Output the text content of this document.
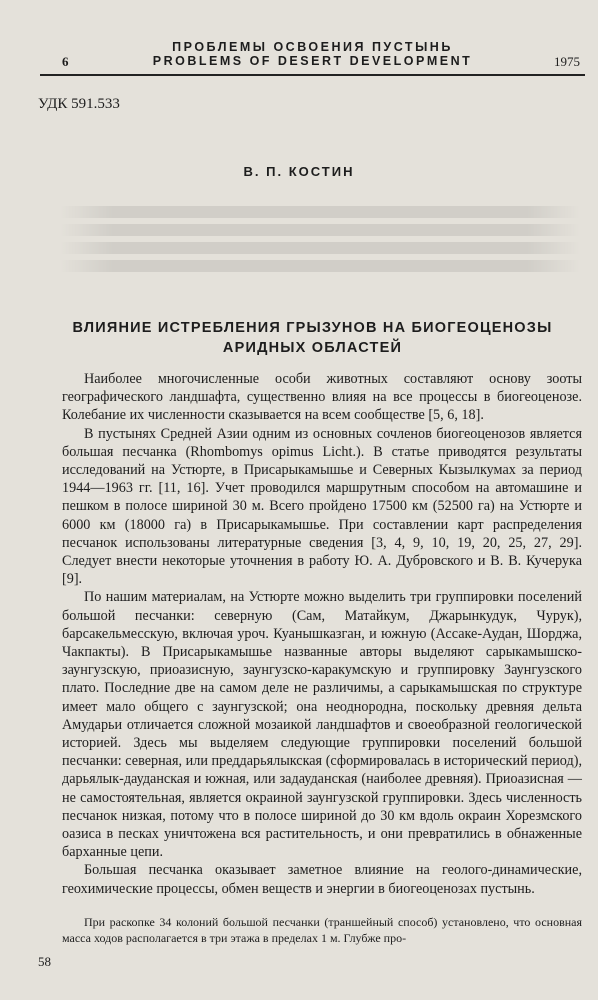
ПРОБЛЕМЫ ОСВОЕНИЯ ПУСТЫНЬ
6	PROBLEMS OF DESERT DEVELOPMENT	1975
УДК 591.533
В. П. КОСТИН
ВЛИЯНИЕ ИСТРЕБЛЕНИЯ ГРЫЗУНОВ НА БИОГЕОЦЕНОЗЫ
АРИДНЫХ ОБЛАСТЕЙ

Наиболее многочисленные особи животных составляют основу зооты географического ландшафта, существенно влияя на все процессы в биогеоценозе. Колебание их численности сказывается на всем сообществе [5, 6, 18].

В пустынях Средней Азии одним из основных сочленов биогеоценозов является большая песчанка (Rhombomys opimus Licht.). В статье приводятся результаты исследований на Устюрте, в Присарыкамышье и Северных Кызылкумах за период 1944—1963 гг. [11, 16]. Учет проводился маршрутным способом на автомашине и пешком в полосе шириной 30 м. Всего пройдено 17500 км (52500 га) на Устюрте и 6000 км (18000 га) в Присарыкамышье. При составлении карт распределения песчанок использованы литературные сведения [3, 4, 9, 10, 19, 20, 25, 27, 29]. Следует внести некоторые уточнения в работу Ю. А. Дубровского и В. В. Кучерука [9].

По нашим материалам, на Устюрте можно выделить три группировки поселений большой песчанки: северную (Сам, Матайкум, Джарынкудук, Чурук), барсакельмесскую, включая уроч. Куанышказган, и южную (Ассаке-Аудан, Шорджа, Чакпакты). В Присарыкамышье названные авторы выделяют сарыкамышско-заунгузскую, приоазисную, заунгузско-каракумскую и группировку Заунгузского плато. Последние две на самом деле не различимы, а сарыкамышская по структуре имеет мало общего с заунгузской; она неоднородна, поскольку древняя дельта Амударьи отличается сложной мозаикой ландшафтов и своеобразной геологической историей. Здесь мы выделяем следующие группировки поселений большой песчанки: северная, или преддарьялыкская (сформировалась в исторический период), дарьялык-дауданская и южная, или задауданская (наиболее древняя). Приоазисная — не самостоятельная, является окраиной заунгузской группировки. Здесь численность песчанок низкая, потому что в полосе шириной до 30 км вдоль окраин Хорезмского оазиса в песках уничтожена вся растительность, и они превратились в обнаженные барханные цепи.

Большая песчанка оказывает заметное влияние на геолого-динамические, геохимические процессы, обмен веществ и энергии в биогеоценозах пустынь.

При раскопке 34 колоний большой песчанки (траншейный способ) установлено, что основная масса ходов располагается в три этажа в пределах 1 м. Глубже про-

58
